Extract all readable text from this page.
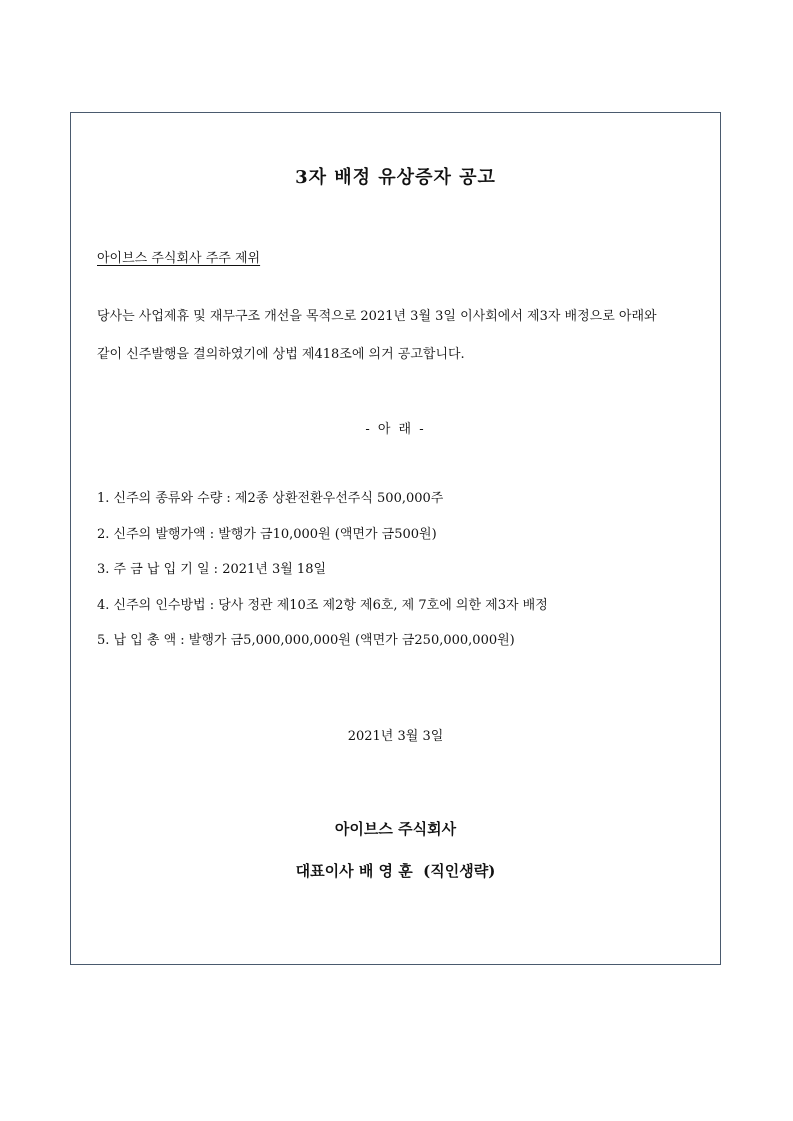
3자 배정 유상증자 공고
아이브스 주식회사 주주 제위
당사는 사업제휴 및 재무구조 개선을 목적으로 2021년 3월 3일 이사회에서 제3자 배정으로 아래와
같이 신주발행을 결의하였기에 상법 제418조에 의거 공고합니다.
- 아 래 -
1. 신주의 종류와 수량 : 제2종 상환전환우선주식 500,000주
2. 신주의 발행가액 : 발행가 금10,000원 (액면가 금500원)
3. 주 금 납 입 기 일 : 2021년 3월 18일
4. 신주의 인수방법 : 당사 정관 제10조 제2항 제6호, 제 7호에 의한 제3자 배정
5. 납 입 총 액 : 발행가 금5,000,000,000원 (액면가 금250,000,000원)
2021년 3월 3일
아이브스 주식회사
대표이사 배 영 훈  (직인생략)
